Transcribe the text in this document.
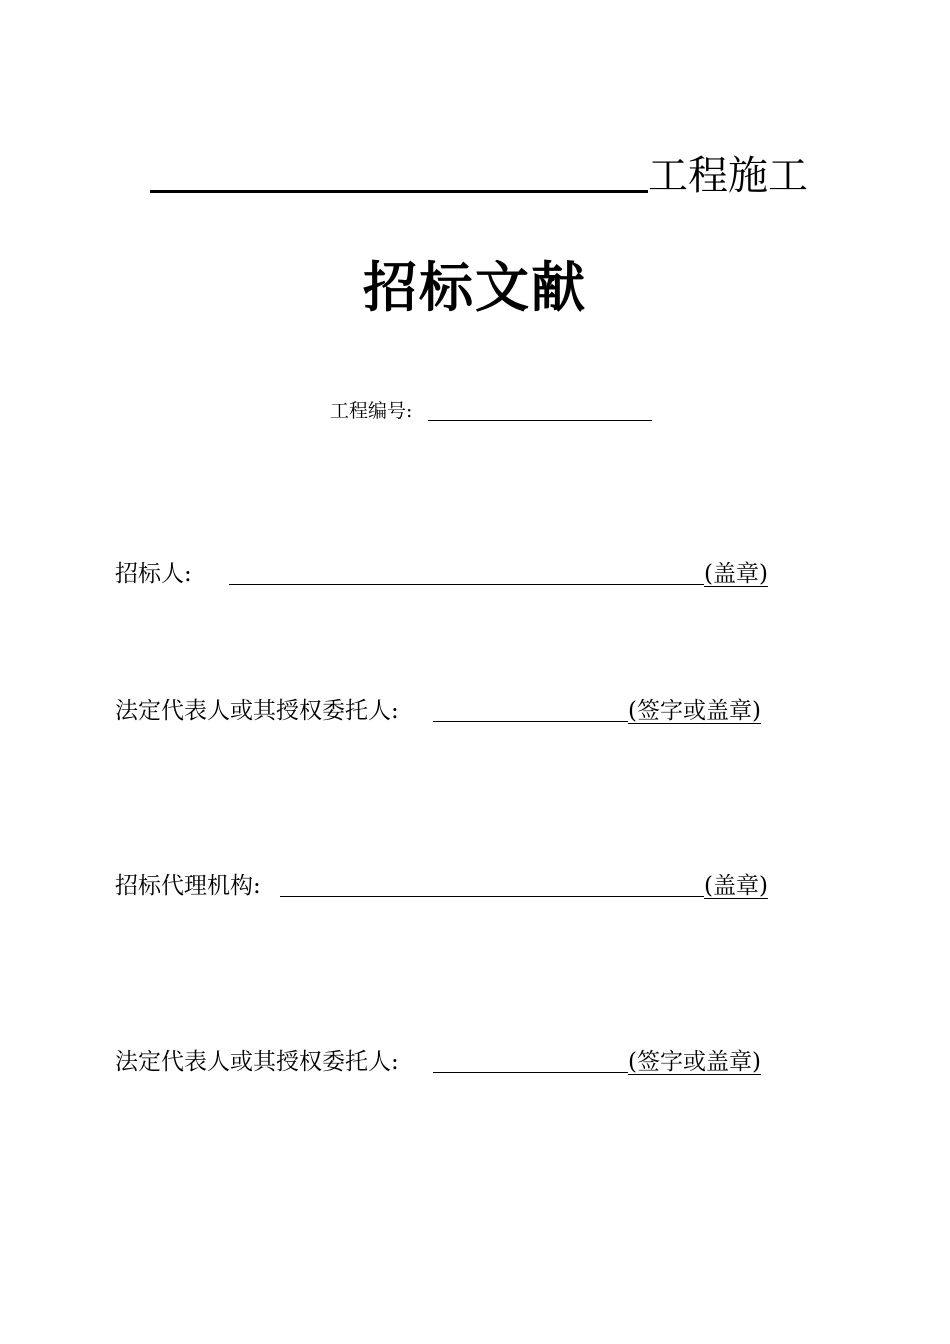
工程施工
招标文献
工程编号:
招标人:	(盖章)
法定代表人或其授权委托人:	(签字或盖章)
招标代理机构:	(盖章)
法定代表人或其授权委托人:	(签字或盖章)
